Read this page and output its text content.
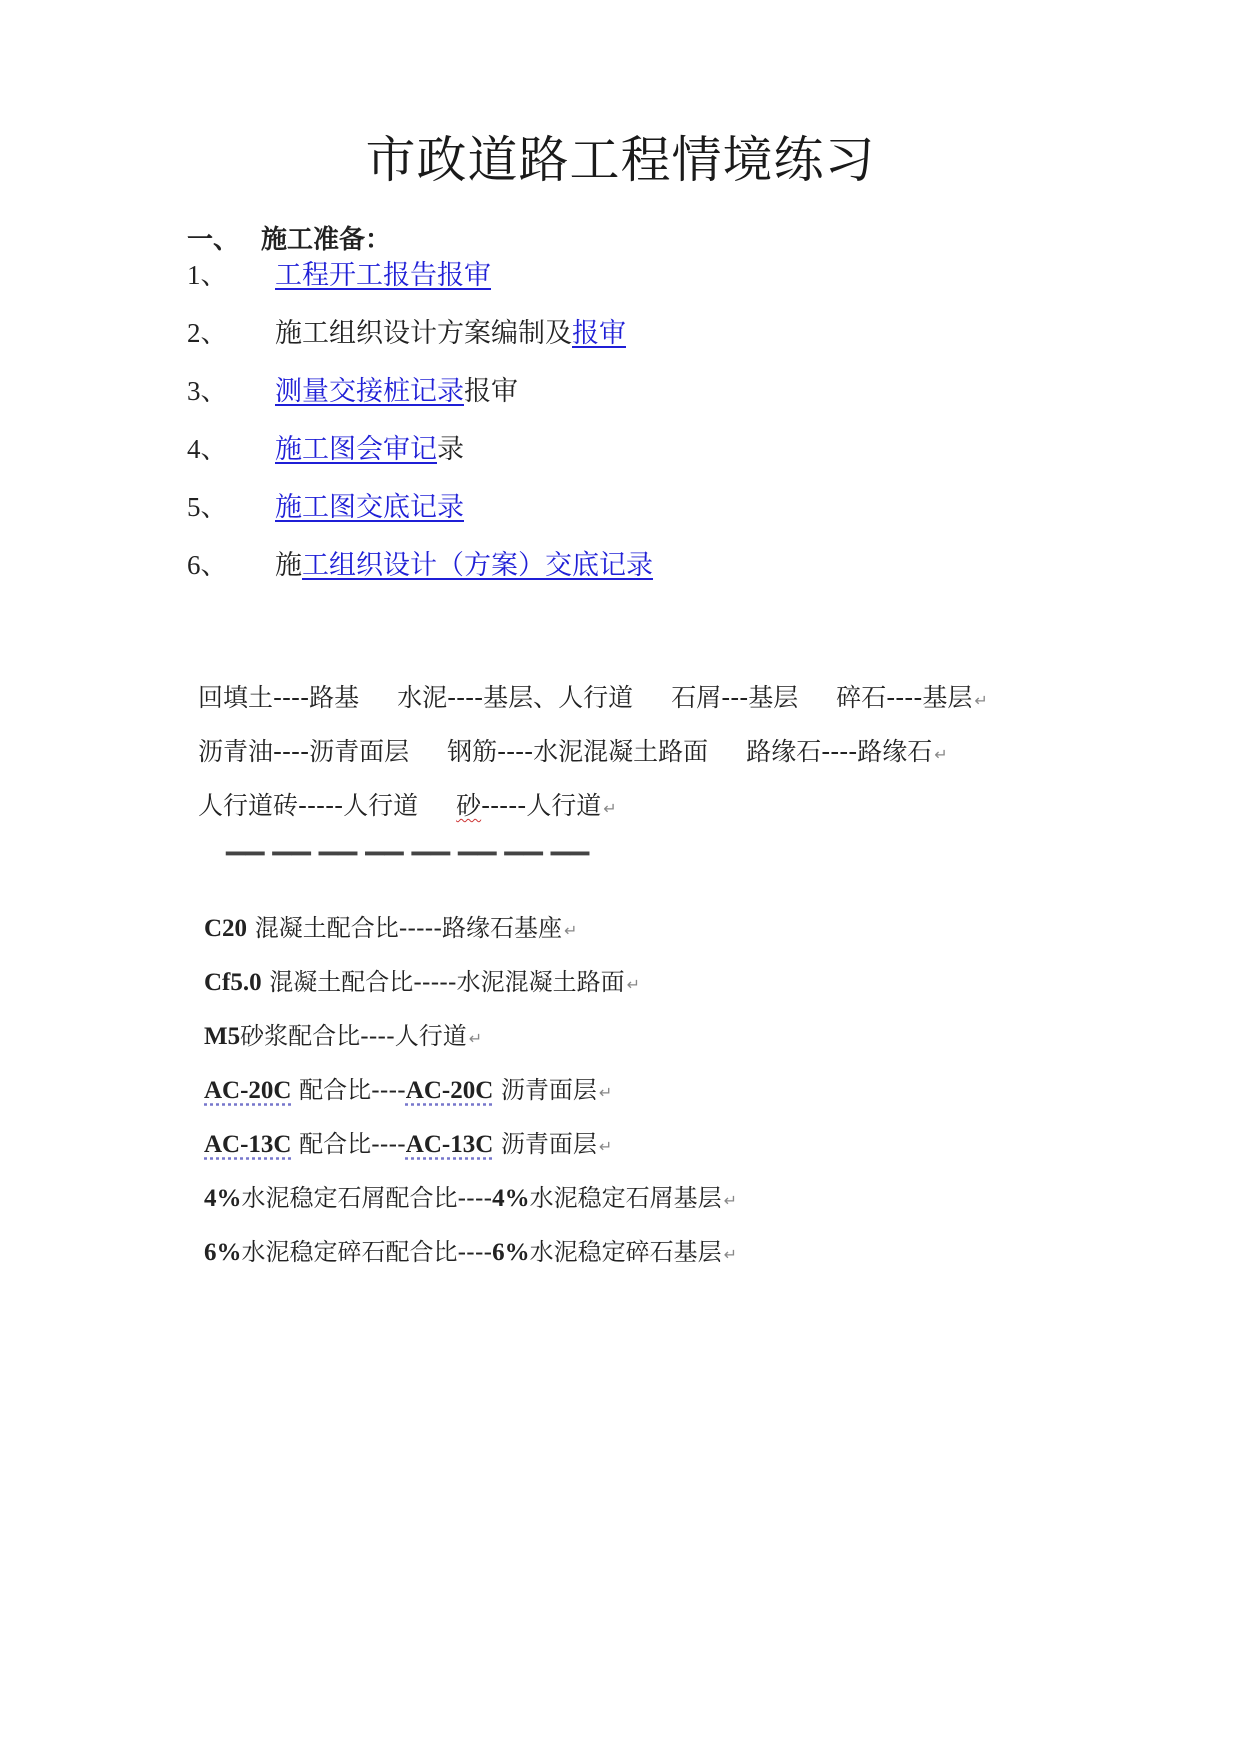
市政道路工程情境练习
一、 施工准备：
1、 工程开工报告报审
2、 施工组织设计方案编制及报审
3、 测量交接桩记录报审
4、 施工图会审记录
5、 施工图交底记录
6、 施工组织设计（方案）交底记录
回填土----路基 水泥----基层、人行道 石屑---基层 碎石----基层 ↵
沥青油----沥青面层 钢筋----水泥混凝土路面 路缘石----路缘石 ↵
人行道砖-----人行道 砂-----人行道 ↵
C20 混凝土配合比-----路缘石基座 ↵
Cf5.0 混凝土配合比-----水泥混凝土路面 ↵
M5砂浆配合比----人行道 ↵
AC-20C 配合比----AC-20C 沥青面层 ↵
AC-13C 配合比----AC-13C 沥青面层 ↵
4%水泥稳定石屑配合比----4%水泥稳定石屑基层 ↵
6%水泥稳定碎石配合比----6%水泥稳定碎石基层 ↵
